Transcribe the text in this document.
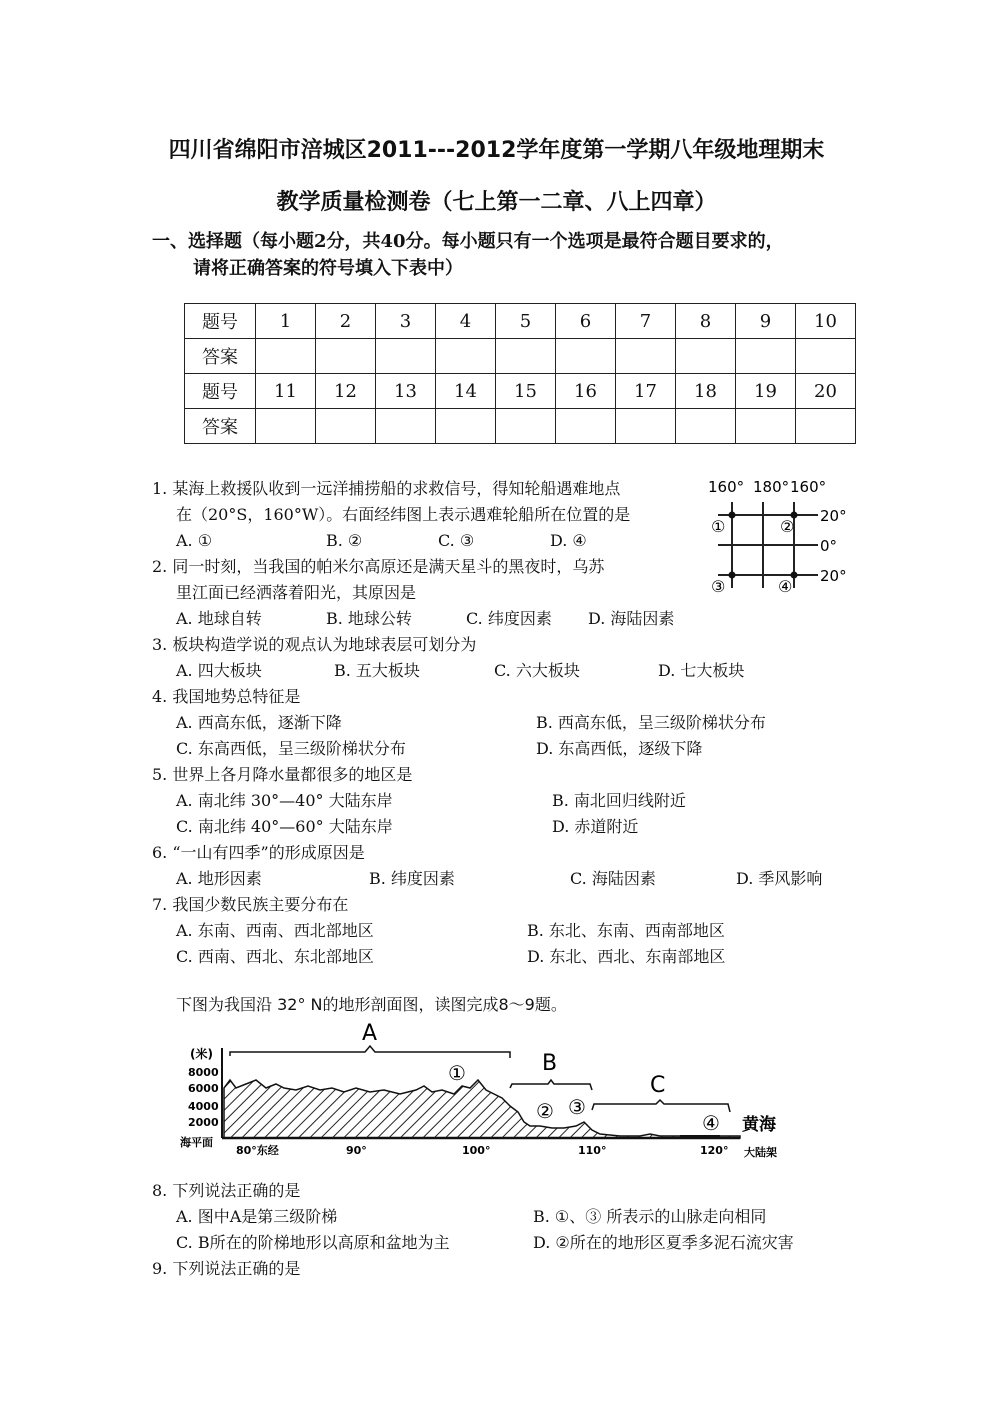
四川省绵阳市涪城区2011---2012学年度第一学期八年级地理期末
教学质量检测卷（七上第一二章、八上四章）
一、选择题（每小题2分，共40分。每小题只有一个选项是最符合题目要求的，
请将正确答案的符号填入下表中）
题号	1	2	3	4	5	6	7	8	9	10
答案										
题号	11	12	13	14	15	16	17	18	19	20
答案										
160° 180° 160°
20°
0°
20°
①	②
③	④
1. 某海上救援队收到一远洋捕捞船的求救信号，得知轮船遇难地点
在（20°S，160°W）。右面经纬图上表示遇难轮船所在位置的是
A. ①	B. ②	C. ③	D. ④
2. 同一时刻，当我国的帕米尔高原还是满天星斗的黑夜时，乌苏
里江面已经洒落着阳光，其原因是
A. 地球自转	B. 地球公转	C. 纬度因素 D. 海陆因素
3. 板块构造学说的观点认为地球表层可划分为
A. 四大板块	B. 五大板块	C. 六大板块	D. 七大板块
4. 我国地势总特征是
A. 西高东低，逐渐下降	B. 西高东低，呈三级阶梯状分布
C. 东高西低，呈三级阶梯状分布	D. 东高西低，逐级下降
5. 世界上各月降水量都很多的地区是
A. 南北纬 30°—40° 大陆东岸	B. 南北回归线附近
C. 南北纬 40°—60° 大陆东岸	D. 赤道附近
6. “一山有四季”的形成原因是
A. 地形因素	B. 纬度因素	C. 海陆因素	D. 季风影响
7. 我国少数民族主要分布在
A. 东南、西南、西北部地区	B. 东北、东南、西南部地区
C. 西南、西北、东北部地区	D. 东北、西北、东南部地区
下图为我国沿 32° N的地形剖面图，读图完成8～9题。
(米)
8000
6000
4000
2000
海平面
A
B
C
①
② ③
④ 黄海
80°东经	90°	100°	110°	120° 大陆架
8. 下列说法正确的是
A. 图中A是第三级阶梯	B. ①、③ 所表示的山脉走向相同
C. B所在的阶梯地形以高原和盆地为主	D. ②所在的地形区夏季多泥石流灾害
9. 下列说法正确的是
